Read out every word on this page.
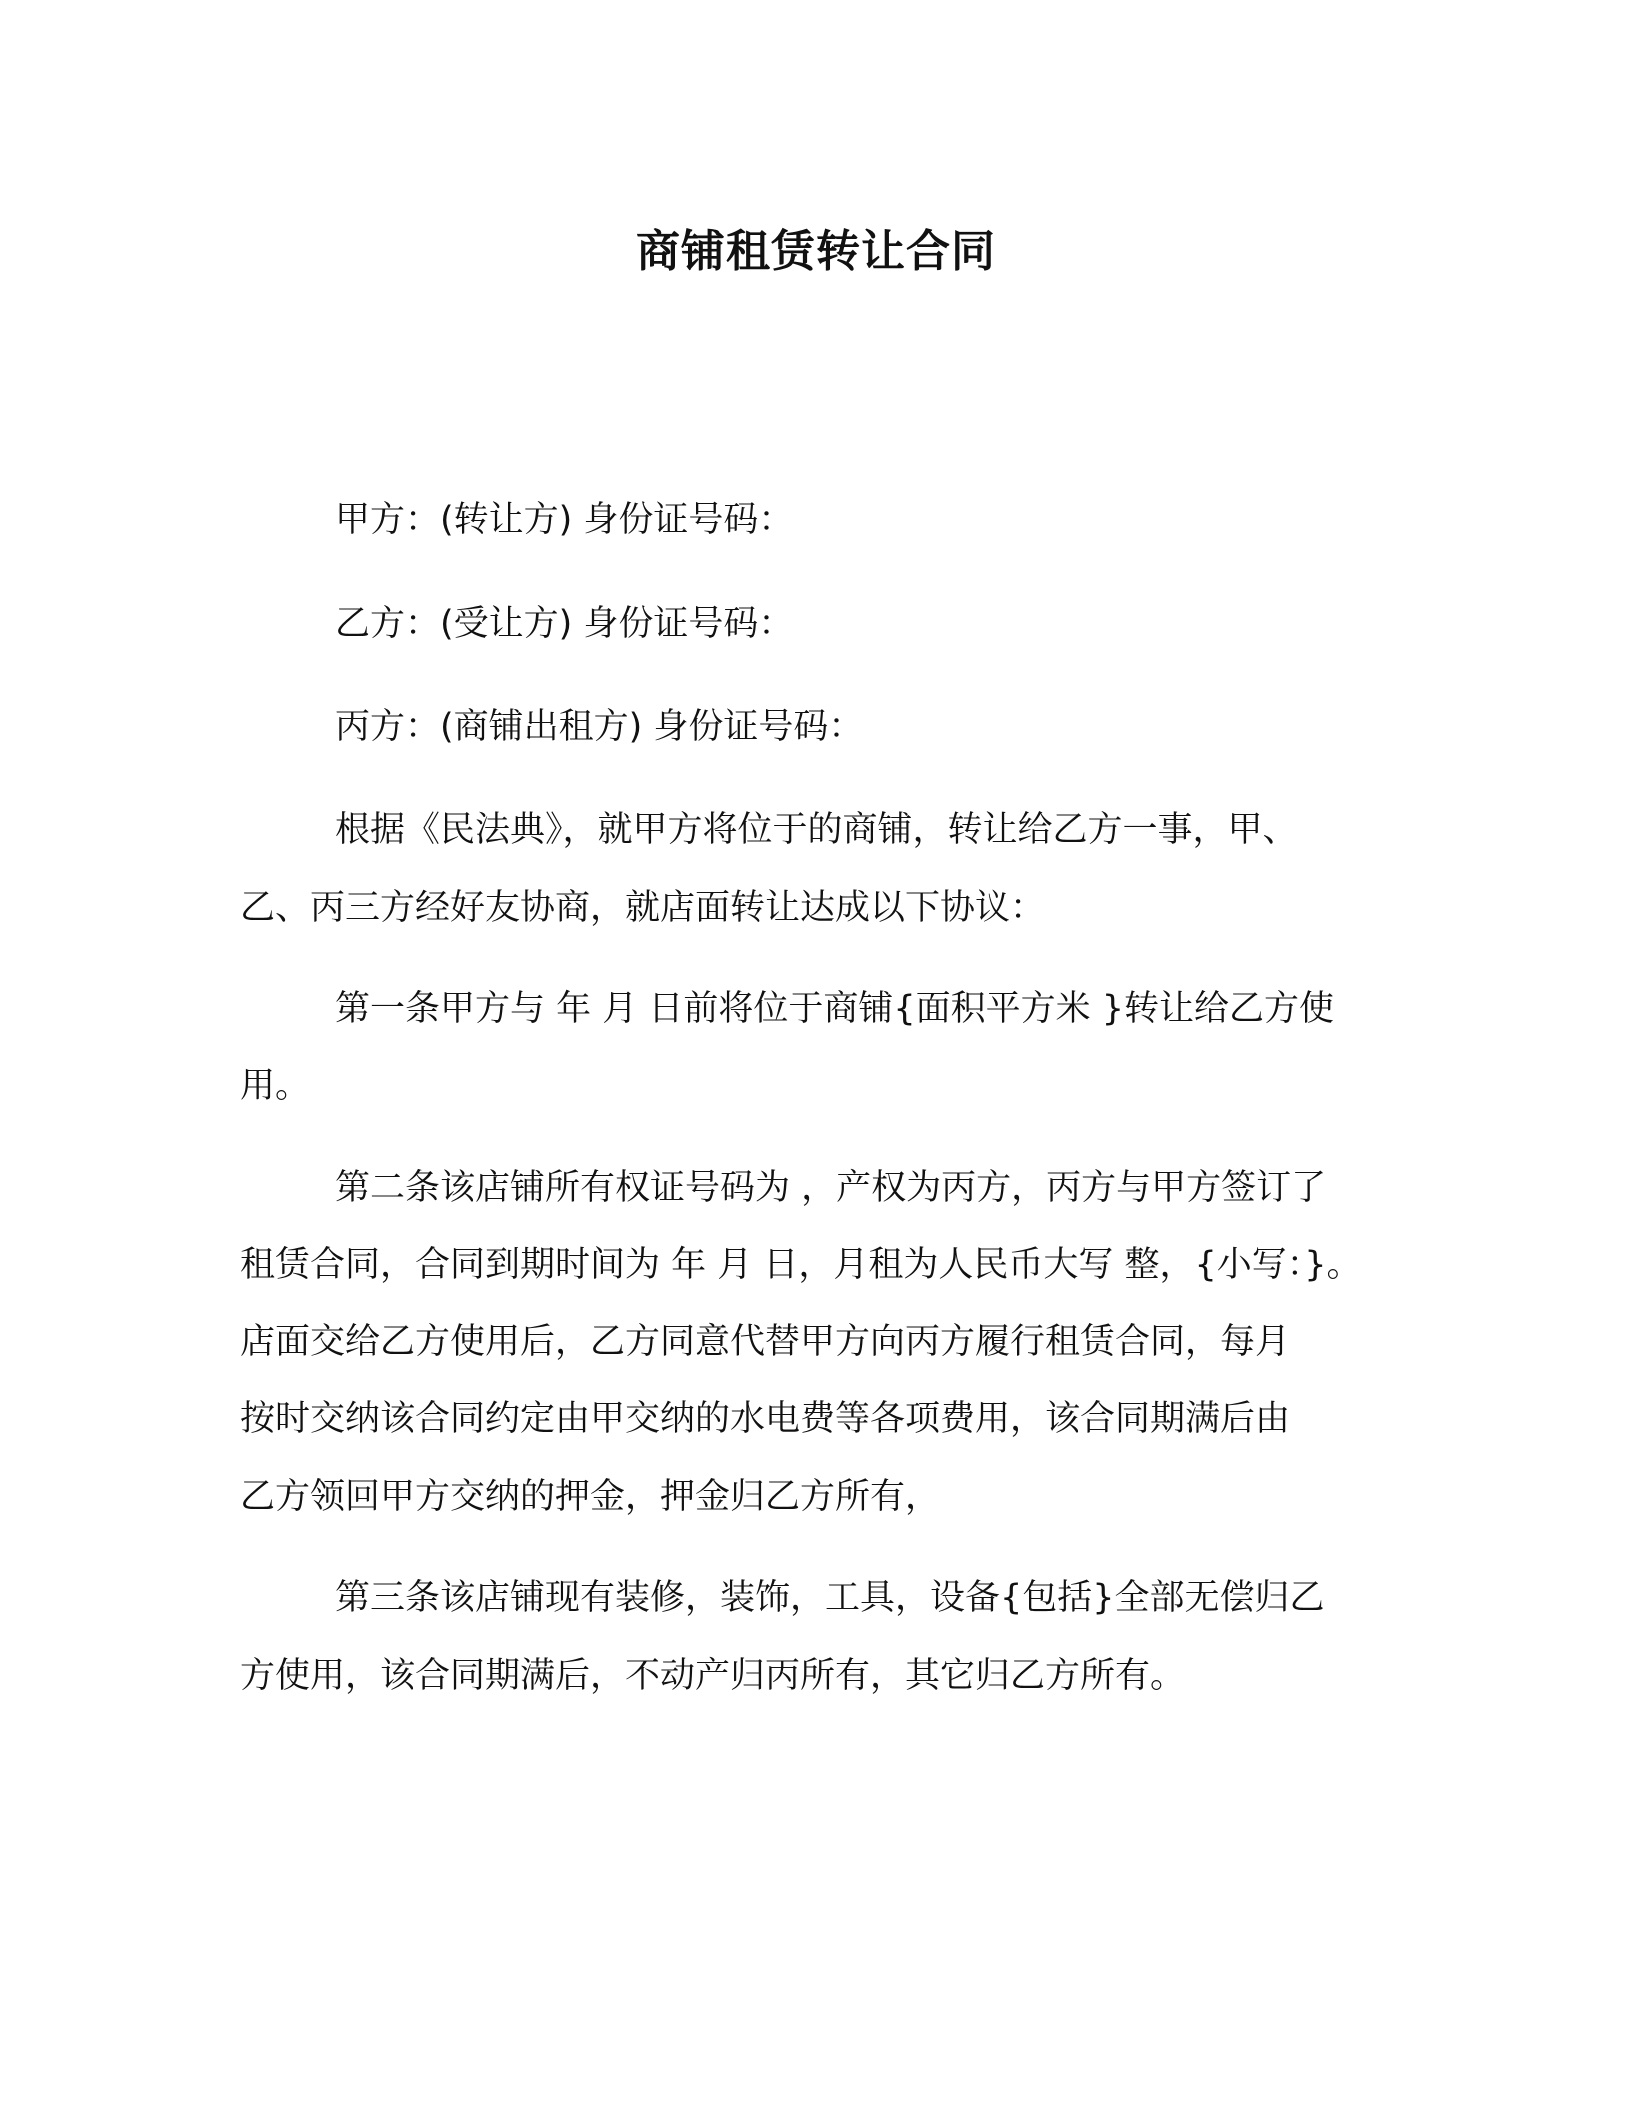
商铺租赁转让合同
甲方：(转让方) 身份证号码：
乙方：(受让方) 身份证号码：
丙方：(商铺出租方) 身份证号码：
根据《民法典》，就甲方将位于的商铺，转让给乙方一事，甲、
乙、丙三方经好友协商，就店面转让达成以下协议：
第一条甲方与 年 月 日前将位于商铺{面积平方米 }转让给乙方使
用。
第二条该店铺所有权证号码为 ，产权为丙方，丙方与甲方签订了
租赁合同，合同到期时间为 年 月 日，月租为人民币大写 整，{小写：}。
店面交给乙方使用后，乙方同意代替甲方向丙方履行租赁合同，每月
按时交纳该合同约定由甲交纳的水电费等各项费用，该合同期满后由
乙方领回甲方交纳的押金，押金归乙方所有，
第三条该店铺现有装修，装饰，工具，设备{包括}全部无偿归乙
方使用，该合同期满后，不动产归丙所有，其它归乙方所有。
